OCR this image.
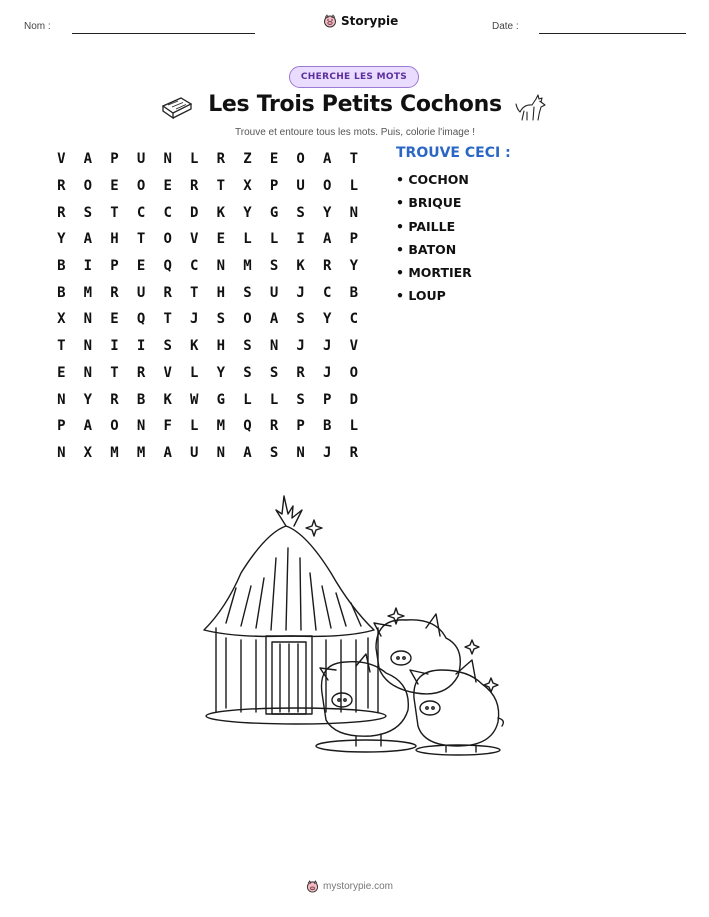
Nom :	Storypie	Date :
CHERCHE LES MOTS
Les Trois Petits Cochons
Trouve et entoure tous les mots. Puis, colorie l'image !
V	A	P	U	N	L	R	Z	E	O	A	T
R	O	E	O	E	R	T	X	P	U	O	L
R	S	T	C	C	D	K	Y	G	S	Y	N
Y	A	H	T	O	V	E	L	L	I	A	P
B	I	P	E	Q	C	N	M	S	K	R	Y
B	M	R	U	R	T	H	S	U	J	C	B
X	N	E	Q	T	J	S	O	A	S	Y	C
T	N	I	I	S	K	H	S	N	J	J	V
E	N	T	R	V	L	Y	S	S	R	J	O
N	Y	R	B	K	W	G	L	L	S	P	D
P	A	O	N	F	L	M	Q	R	P	B	L
N	X	M	M	A	U	N	A	S	N	J	R
TROUVE CECI :
• COCHON
• BRIQUE
• PAILLE
• BATON
• MORTIER
• LOUP
mystorypie.com
